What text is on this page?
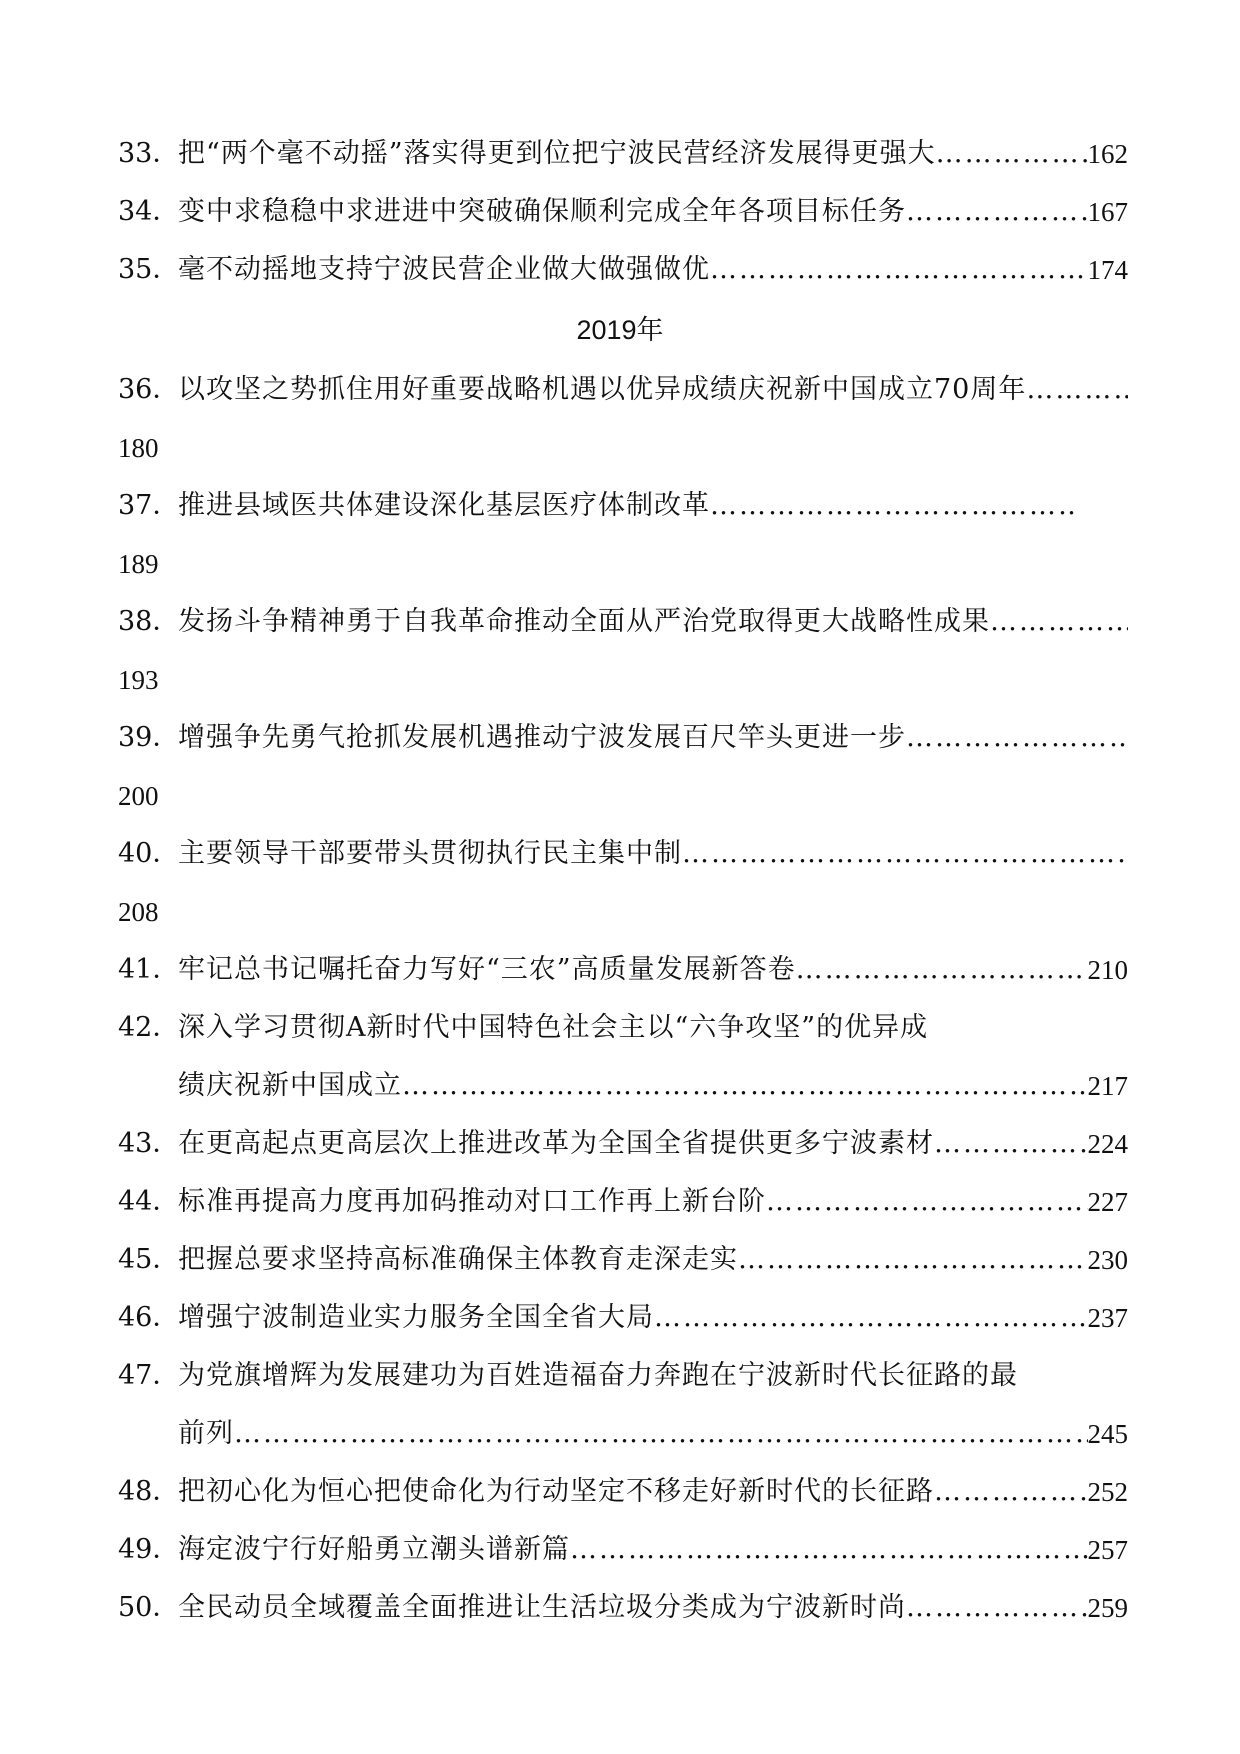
33．
把“两个毫不动摇”落实得更到位把宁波民营经济发展得更强大 ……………………………………………………………………………………………………………………	162
34．
变中求稳稳中求进进中突破确保顺利完成全年各项目标任务 ……………………………………………………………………………………………………………………	167
35．
毫不动摇地支持宁波民营企业做大做强做优 ……………………………………………………………………………………………………………………	174
2019年
36．
以攻坚之势抓住用好重要战略机遇以优异成绩庆祝新中国成立70周年
……………………………………………………………………………………………………………………
180
37．
推进县域医共体建设深化基层医疗体制改革
……………………………………………………………………………………………………………………
189
38．
发扬斗争精神勇于自我革命推动全面从严治党取得更大战略性成果
……………………………………………………………………………………………………………………
193
39．
增强争先勇气抢抓发展机遇推动宁波发展百尺竿头更进一步
……………………………………………………………………………………………………………………
200
40．
主要领导干部要带头贯彻执行民主集中制
……………………………………………………………………………………………………………………
208
41．
牢记总书记嘱托奋力写好“三农”高质量发展新答卷 ……………………………………………………………………………………………………………………	210
42．
深入学习贯彻A新时代中国特色社会主以“六争攻坚”的优异成
绩庆祝新中国成立 ……………………………………………………………………………………………………………………	217
43．
在更高起点更高层次上推进改革为全国全省提供更多宁波素材 ……………………………………………………………………………………………………………………	224
44．
标准再提高力度再加码推动对口工作再上新台阶 ……………………………………………………………………………………………………………………	227
45．
把握总要求坚持高标准确保主体教育走深走实 ……………………………………………………………………………………………………………………	230
46．
增强宁波制造业实力服务全国全省大局 ……………………………………………………………………………………………………………………	237
47．
为党旗增辉为发展建功为百姓造福奋力奔跑在宁波新时代长征路的最
前列 ……………………………………………………………………………………………………………………	245
48．
把初心化为恒心把使命化为行动坚定不移走好新时代的长征路 ……………………………………………………………………………………………………………………	252
49．
海定波宁行好船勇立潮头谱新篇 ……………………………………………………………………………………………………………………	257
50．
全民动员全域覆盖全面推进让生活垃圾分类成为宁波新时尚 ……………………………………………………………………………………………………………………	259
